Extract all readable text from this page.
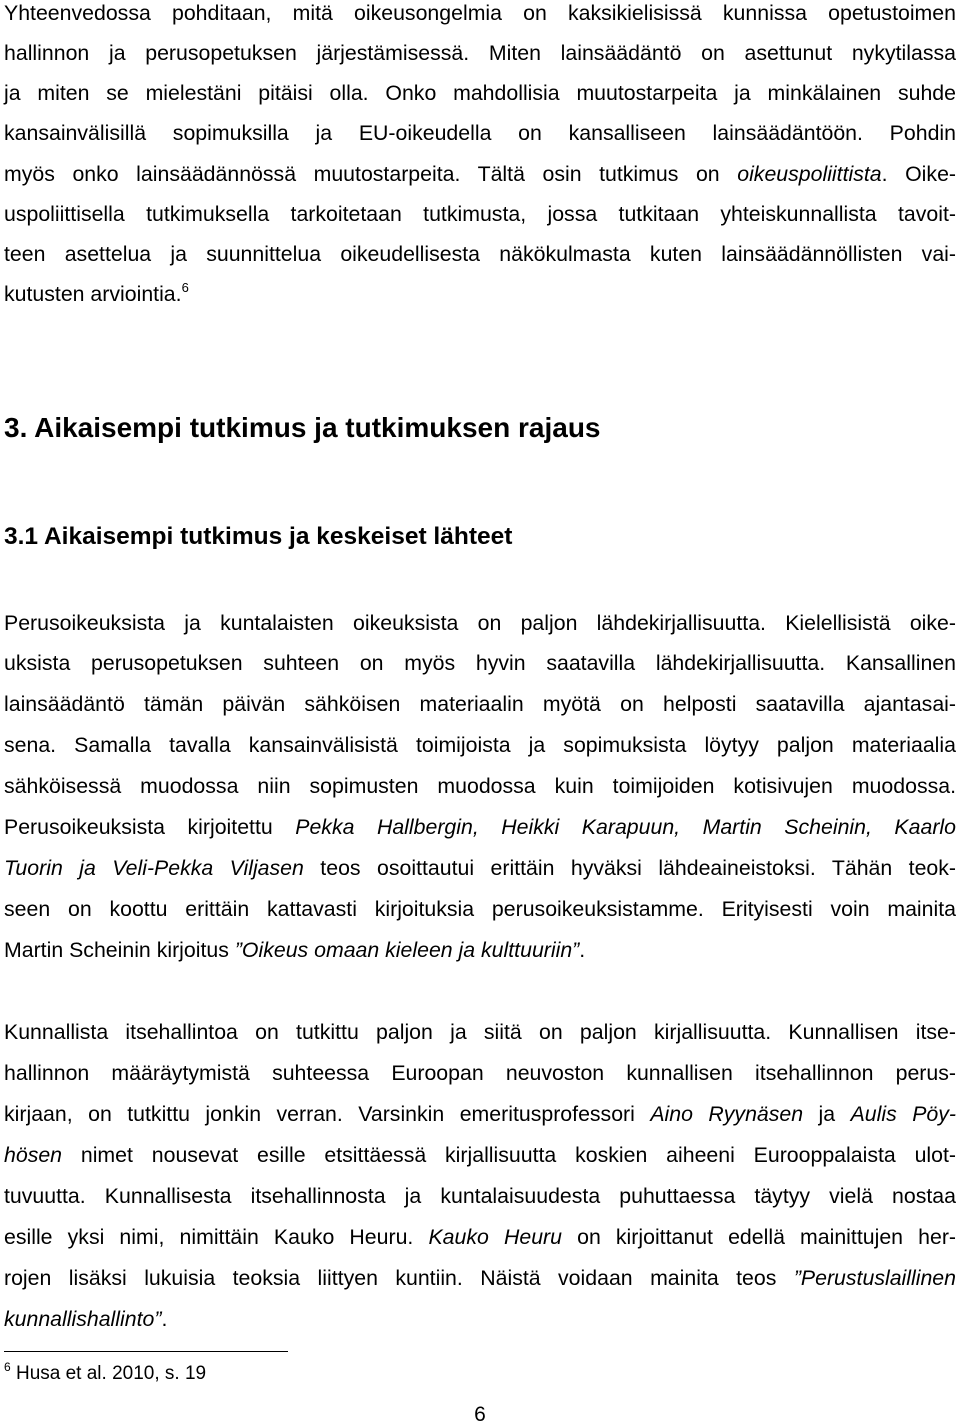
Yhteenvedossa pohditaan, mitä oikeusongelmia on kaksikielisissä kunnissa opetustoimen
hallinnon ja perusopetuksen järjestämisessä. Miten lainsäädäntö on asettunut nykytilassa
ja miten se mielestäni pitäisi olla. Onko mahdollisia muutostarpeita ja minkälainen suhde
kansainvälisillä sopimuksilla ja EU-oikeudella on kansalliseen lainsäädäntöön. Pohdin
myös onko lainsäädännössä muutostarpeita. Tältä osin tutkimus on oikeuspoliittista. Oike-
uspoliittisella tutkimuksella tarkoitetaan tutkimusta, jossa tutkitaan yhteiskunnallista tavoit-
teen asettelua ja suunnittelua oikeudellisesta näkökulmasta kuten lainsäädännöllisten vai-
kutusten arviointia.$^6$
3. Aikaisempi tutkimus ja tutkimuksen rajaus
3.1 Aikaisempi tutkimus ja keskeiset lähteet
Perusoikeuksista ja kuntalaisten oikeuksista on paljon lähdekirjallisuutta. Kielellisistä oike-
uksista perusopetuksen suhteen on myös hyvin saatavilla lähdekirjallisuutta. Kansallinen
lainsäädäntö tämän päivän sähköisen materiaalin myötä on helposti saatavilla ajantasai-
sena. Samalla tavalla kansainvälisistä toimijoista ja sopimuksista löytyy paljon materiaalia
sähköisessä muodossa niin sopimusten muodossa kuin toimijoiden kotisivujen muodossa.
Perusoikeuksista kirjoitettu Pekka Hallbergin, Heikki Karapuun, Martin Scheinin, Kaarlo
Tuorin ja Veli-Pekka Viljasen teos osoittautui erittäin hyväksi lähdeaineistoksi. Tähän teok-
seen on koottu erittäin kattavasti kirjoituksia perusoikeuksistamme. Erityisesti voin mainita
Martin Scheinin kirjoitus ”Oikeus omaan kieleen ja kulttuuriin”.
Kunnallista itsehallintoa on tutkittu paljon ja siitä on paljon kirjallisuutta. Kunnallisen itse-
hallinnon määräytymistä suhteessa Euroopan neuvoston kunnallisen itsehallinnon perus-
kirjaan, on tutkittu jonkin verran. Varsinkin emeritusprofessori Aino Ryynäsen ja Aulis Pöy-
hösen nimet nousevat esille etsittäessä kirjallisuutta koskien aiheeni Eurooppalaista ulot-
tuvuutta. Kunnallisesta itsehallinnosta ja kuntalaisuudesta puhuttaessa täytyy vielä nostaa
esille yksi nimi, nimittäin Kauko Heuru. Kauko Heuru on kirjoittanut edellä mainittujen her-
rojen lisäksi lukuisia teoksia liittyen kuntiin. Näistä voidaan mainita teos ”Perustuslaillinen
kunnallishallinto”.
$^6$ Husa et al. 2010, s. 19
6
